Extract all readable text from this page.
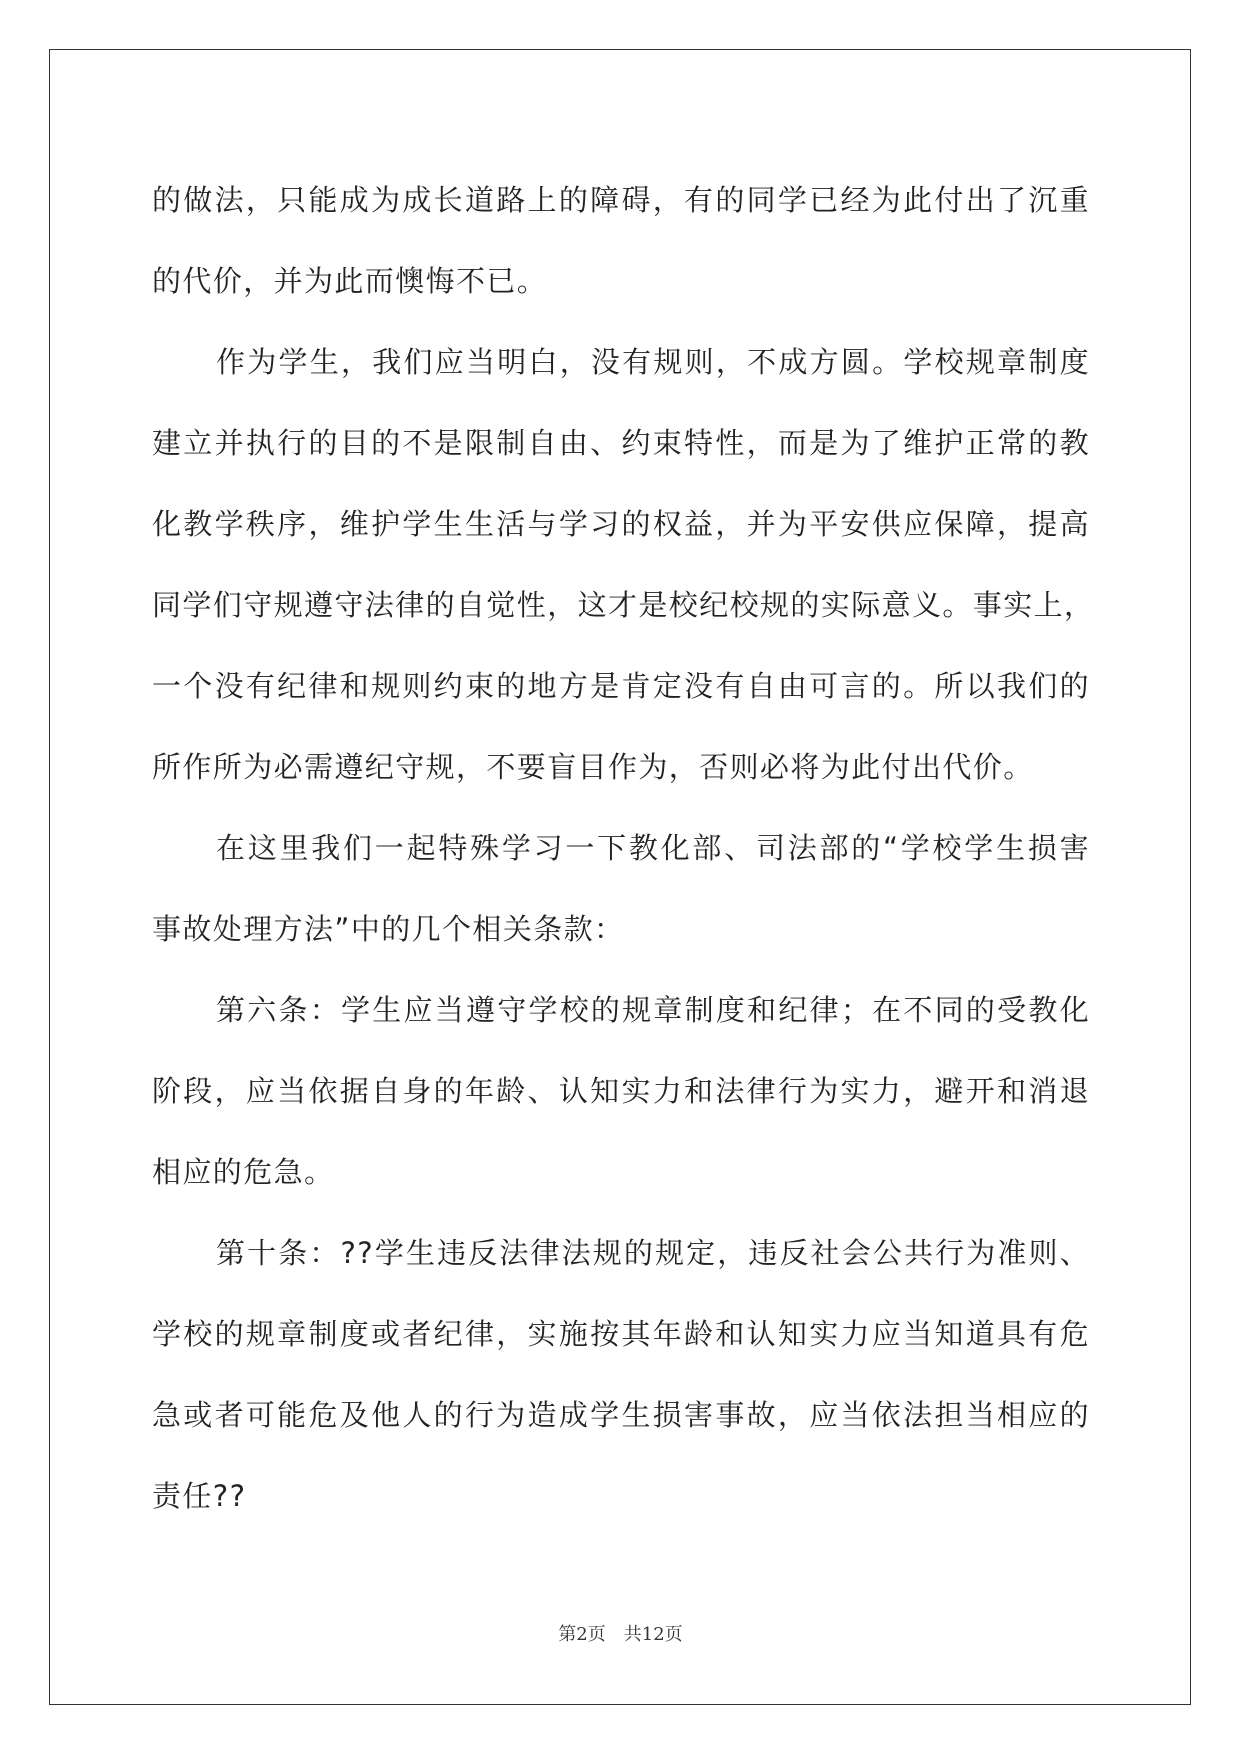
的做法，只能成为成长道路上的障碍，有的同学已经为此付出了沉重
的代价，并为此而懊悔不已。
作为学生，我们应当明白，没有规则，不成方圆。学校规章制度
建立并执行的目的不是限制自由、约束特性，而是为了维护正常的教
化教学秩序，维护学生生活与学习的权益，并为平安供应保障，提高
同学们守规遵守法律的自觉性，这才是校纪校规的实际意义。事实上，
一个没有纪律和规则约束的地方是肯定没有自由可言的。所以我们的
所作所为必需遵纪守规，不要盲目作为，否则必将为此付出代价。
在这里我们一起特殊学习一下教化部、司法部的“学校学生损害
事故处理方法”中的几个相关条款：
第六条：学生应当遵守学校的规章制度和纪律；在不同的受教化
阶段，应当依据自身的年龄、认知实力和法律行为实力，避开和消退
相应的危急。
第十条：??学生违反法律法规的规定，违反社会公共行为准则、
学校的规章制度或者纪律，实施按其年龄和认知实力应当知道具有危
急或者可能危及他人的行为造成学生损害事故，应当依法担当相应的
责任??
第2页　共12页
